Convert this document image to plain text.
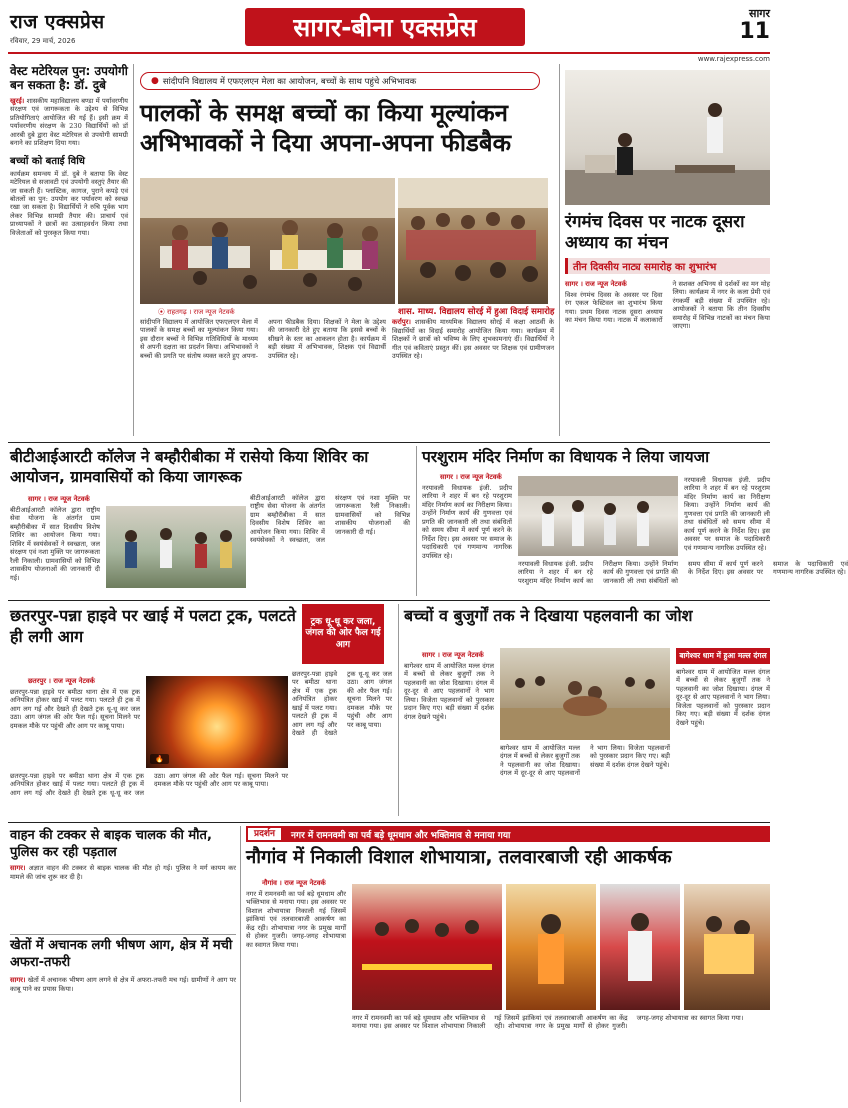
राज एक्सप्रेस
रविवार, 29 मार्च, 2026	सागर-बीना एक्सप्रेस	सागर
11
www.rajexpress.com
वेस्ट मटेरियल पुन: उपयोगी बन सकता है: डॉ. दुबे
खुरई। शासकीय महाविद्यालय बण्डा में पर्यावरणीय संरक्षण एवं जागरूकता के उद्देश्य से विभिन्न प्रतियोगिताएं आयोजित की गईं हैं। इसी क्रम में पर्यावरणीय संरक्षण के 230 विद्यार्थियों को डॉ आरबी दुबे द्वारा वेस्ट मटेरियल से उपयोगी सामग्री बनाने का प्रशिक्षण दिया गया।
बच्चों को बताई विधि
कार्यक्रम समन्वय में डॉ. दुबे ने बताया कि वेस्ट मटेरियल से सजावटी एवं उपयोगी वस्तुएं तैयार की जा सकती हैं। प्लास्टिक, कागज, पुराने कपड़े एवं बोतलों का पुन: उपयोग कर पर्यावरण को स्वच्छ रखा जा सकता है। विद्यार्थियों ने रुचि पूर्वक भाग लेकर विभिन्न सामग्री तैयार की। प्राचार्य एवं प्राध्यापकों ने छात्रों का उत्साहवर्धन किया तथा विजेताओं को पुरस्कृत किया गया।
● सांदीपनि विद्यालय में एफएलएन मेला का आयोजन, बच्चों के साथ पहुंचे अभिभावक
पालकों के समक्ष बच्चों का किया मूल्यांकन अभिभावकों ने दिया अपना-अपना फीडबैक
⦿ राहतगढ़ । राज न्यूज नेटवर्क	शास. माध्य. विद्यालय सोरई में हुआ विदाई समारोह
सांदीपनि विद्यालय में आयोजित एफएलएन मेला में पालकों के समक्ष बच्चों का मूल्यांकन किया गया। इस दौरान बच्चों ने विभिन्न गतिविधियों के माध्यम से अपनी दक्षता का प्रदर्शन किया। अभिभावकों ने बच्चों की प्रगति पर संतोष व्यक्त करते हुए अपना-अपना फीडबैक दिया। शिक्षकों ने मेला के उद्देश्य की जानकारी देते हुए बताया कि इससे बच्चों के सीखने के स्तर का आकलन होता है। कार्यक्रम में बड़ी संख्या में अभिभावक, शिक्षक एवं विद्यार्थी उपस्थित रहे।
कर्रापुर। शासकीय माध्यमिक विद्यालय सोरई में कक्षा आठवीं के विद्यार्थियों का विदाई समारोह आयोजित किया गया। कार्यक्रम में शिक्षकों ने छात्रों को भविष्य के लिए शुभकामनाएं दीं। विद्यार्थियों ने गीत एवं कविताएं प्रस्तुत कीं। इस अवसर पर शिक्षक एवं ग्रामीणजन उपस्थित रहे।
रंगमंच दिवस पर नाटक दूसरा अध्याय का मंचन
तीन दिवसीय नाट्य समारोह का शुभारंभ
सागर । राज न्यूज नेटवर्क
विश्व रंगमंच दिवस के अवसर पर दिवा रंग एकल फेस्टिवल का शुभारंभ किया गया। प्रथम दिवस नाटक दूसरा अध्याय का मंचन किया गया। नाटक में कलाकारों ने सशक्त अभिनय से दर्शकों का मन मोह लिया। कार्यक्रम में नगर के कला प्रेमी एवं रंगकर्मी बड़ी संख्या में उपस्थित रहे। आयोजकों ने बताया कि तीन दिवसीय समारोह में विभिन्न नाटकों का मंचन किया जाएगा।
बीटीआईआरटी कॉलेज ने बम्हौरीबीका में रासेयो किया शिविर का आयोजन, ग्रामवासियों को किया जागरूक
सागर । राज न्यूज नेटवर्क
बीटीआईआरटी कॉलेज द्वारा राष्ट्रीय सेवा योजना के अंतर्गत ग्राम बम्हौरीबीका में सात दिवसीय विशेष शिविर का आयोजन किया गया। शिविर में स्वयंसेवकों ने स्वच्छता, जल संरक्षण एवं नशा मुक्ति पर जागरूकता रैली निकाली। ग्रामवासियों को विभिन्न शासकीय योजनाओं की जानकारी दी गई।
बीटीआईआरटी कॉलेज द्वारा राष्ट्रीय सेवा योजना के अंतर्गत ग्राम बम्हौरीबीका में सात दिवसीय विशेष शिविर का आयोजन किया गया। शिविर में स्वयंसेवकों ने स्वच्छता, जल संरक्षण एवं नशा मुक्ति पर जागरूकता रैली निकाली। ग्रामवासियों को विभिन्न शासकीय योजनाओं की जानकारी दी गई।
परशुराम मंदिर निर्माण का विधायक ने लिया जायजा
सागर । राज न्यूज नेटवर्क
नरयावली विधायक इंजी. प्रदीप लारिया ने शहर में बन रहे परशुराम मंदिर निर्माण कार्य का निरीक्षण किया। उन्होंने निर्माण कार्य की गुणवत्ता एवं प्रगति की जानकारी ली तथा संबंधितों को समय सीमा में कार्य पूर्ण करने के निर्देश दिए। इस अवसर पर समाज के पदाधिकारी एवं गणमान्य नागरिक उपस्थित रहे।
नरयावली विधायक इंजी. प्रदीप लारिया ने शहर में बन रहे परशुराम मंदिर निर्माण कार्य का निरीक्षण किया। उन्होंने निर्माण कार्य की गुणवत्ता एवं प्रगति की जानकारी ली तथा संबंधितों को समय सीमा में कार्य पूर्ण करने के निर्देश दिए। इस अवसर पर समाज के पदाधिकारी एवं गणमान्य नागरिक उपस्थित रहे।
नरयावली विधायक इंजी. प्रदीप लारिया ने शहर में बन रहे परशुराम मंदिर निर्माण कार्य का निरीक्षण किया। उन्होंने निर्माण कार्य की गुणवत्ता एवं प्रगति की जानकारी ली तथा संबंधितों को समय सीमा में कार्य पूर्ण करने के निर्देश दिए। इस अवसर पर समाज के पदाधिकारी एवं गणमान्य नागरिक उपस्थित रहे।
छतरपुर-पन्ना हाइवे पर खाई में पलटा ट्रक, पलटते ही लगी आग
ट्रक धू-धू कर जला, जंगल की ओर फैल गई आग
छतरपुर । राज न्यूज नेटवर्क
छतरपुर-पन्ना हाइवे पर बमीठा थाना क्षेत्र में एक ट्रक अनियंत्रित होकर खाई में पलट गया। पलटते ही ट्रक में आग लग गई और देखते ही देखते ट्रक धू-धू कर जल उठा। आग जंगल की ओर फैल गई। सूचना मिलने पर दमकल मौके पर पहुंची और आग पर काबू पाया।
🔥
छतरपुर-पन्ना हाइवे पर बमीठा थाना क्षेत्र में एक ट्रक अनियंत्रित होकर खाई में पलट गया। पलटते ही ट्रक में आग लग गई और देखते ही देखते ट्रक धू-धू कर जल उठा। आग जंगल की ओर फैल गई। सूचना मिलने पर दमकल मौके पर पहुंची और आग पर काबू पाया।
छतरपुर-पन्ना हाइवे पर बमीठा थाना क्षेत्र में एक ट्रक अनियंत्रित होकर खाई में पलट गया। पलटते ही ट्रक में आग लग गई और देखते ही देखते ट्रक धू-धू कर जल उठा। आग जंगल की ओर फैल गई। सूचना मिलने पर दमकल मौके पर पहुंची और आग पर काबू पाया।
बच्चों व बुजुर्गों तक ने दिखाया पहलवानी का जोश
सागर । राज न्यूज नेटवर्क
बागेश्वर धाम में आयोजित मल्ल दंगल में बच्चों से लेकर बुजुर्गों तक ने पहलवानी का जोश दिखाया। दंगल में दूर-दूर से आए पहलवानों ने भाग लिया। विजेता पहलवानों को पुरस्कार प्रदान किए गए। बड़ी संख्या में दर्शक दंगल देखने पहुंचे।
बागेश्वर धाम में हुआ मल्ल दंगल
बागेश्वर धाम में आयोजित मल्ल दंगल में बच्चों से लेकर बुजुर्गों तक ने पहलवानी का जोश दिखाया। दंगल में दूर-दूर से आए पहलवानों ने भाग लिया। विजेता पहलवानों को पुरस्कार प्रदान किए गए। बड़ी संख्या में दर्शक दंगल देखने पहुंचे।
बागेश्वर धाम में आयोजित मल्ल दंगल में बच्चों से लेकर बुजुर्गों तक ने पहलवानी का जोश दिखाया। दंगल में दूर-दूर से आए पहलवानों ने भाग लिया। विजेता पहलवानों को पुरस्कार प्रदान किए गए। बड़ी संख्या में दर्शक दंगल देखने पहुंचे।
वाहन की टक्कर से बाइक चालक की मौत, पुलिस कर रही पड़ताल
सागर। अज्ञात वाहन की टक्कर से बाइक चालक की मौत हो गई। पुलिस ने मर्ग कायम कर मामले की जांच शुरू कर दी है।
खेतों में अचानक लगी भीषण आग, क्षेत्र में मची अफरा-तफरी
सागर। खेतों में अचानक भीषण आग लगने से क्षेत्र में अफरा-तफरी मच गई। ग्रामीणों ने आग पर काबू पाने का प्रयास किया।
प्रदर्शन	नगर में रामनवमी का पर्व बड़े धूमधाम और भक्तिमाव से मनाया गया
नौगांव में निकाली विशाल शोभायात्रा, तलवारबाजी रही आकर्षक
नौगांव । राज न्यूज नेटवर्क
नगर में रामनवमी का पर्व बड़े धूमधाम और भक्तिभाव से मनाया गया। इस अवसर पर विशाल शोभायात्रा निकाली गई जिसमें झांकियां एवं तलवारबाजी आकर्षण का केंद्र रही। शोभायात्रा नगर के प्रमुख मार्गों से होकर गुजरी। जगह-जगह शोभायात्रा का स्वागत किया गया।
नगर में रामनवमी का पर्व बड़े धूमधाम और भक्तिभाव से मनाया गया। इस अवसर पर विशाल शोभायात्रा निकाली गई जिसमें झांकियां एवं तलवारबाजी आकर्षण का केंद्र रही। शोभायात्रा नगर के प्रमुख मार्गों से होकर गुजरी। जगह-जगह शोभायात्रा का स्वागत किया गया।
